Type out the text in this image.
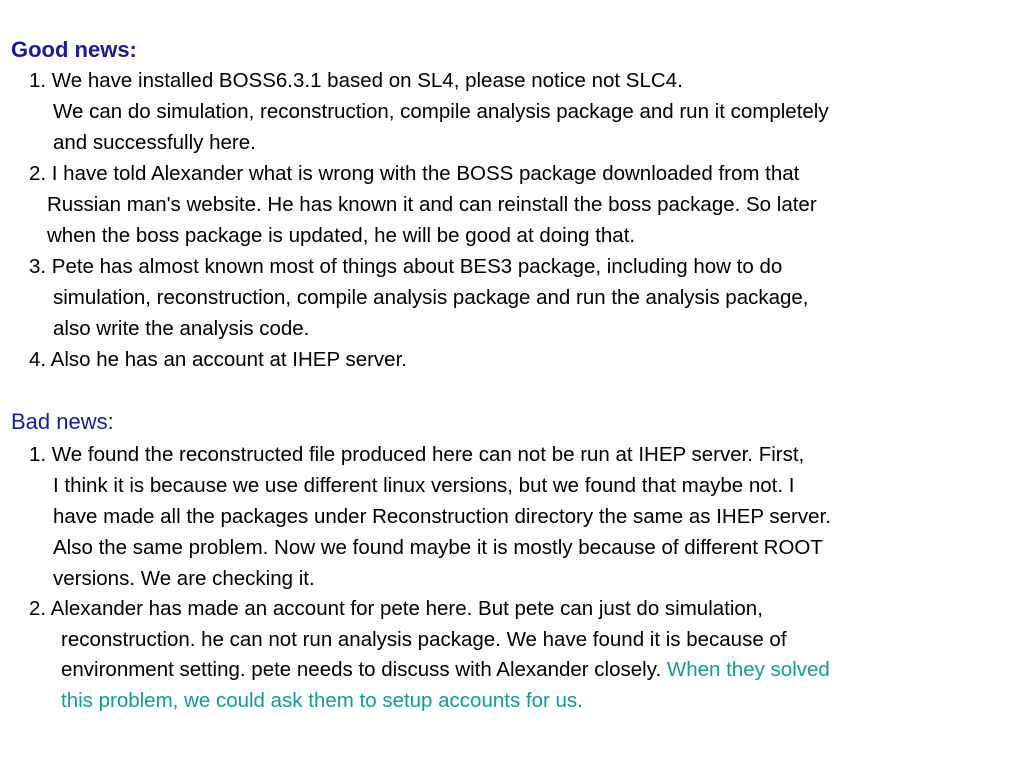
Good news:
1. We have installed BOSS6.3.1 based on SL4, please notice not SLC4.
We can do simulation, reconstruction, compile analysis package and run it completely
and successfully here.
2. I have told Alexander what is wrong with the BOSS package downloaded from that
Russian man's website. He has known it and can reinstall the boss package. So later
when the boss package is updated, he will be good at doing that.
3. Pete has almost known most of things about BES3 package, including how to do
simulation, reconstruction, compile analysis package and run the analysis package,
also write the analysis code.
4. Also he has an account at IHEP server.
Bad news:
1. We found the reconstructed file produced here can not be run at IHEP server. First,
I think it is because we use different linux versions, but we found that maybe not. I
have made all the packages under Reconstruction directory the same as IHEP server.
Also the same problem. Now we found maybe it is mostly because of different ROOT
versions. We are checking it.
2. Alexander has made an account for pete here. But pete can just do simulation,
reconstruction. he can not run analysis package. We have found it is because of
environment setting. pete needs to discuss with Alexander closely. When they solved
this problem, we could ask them to setup accounts for us.
